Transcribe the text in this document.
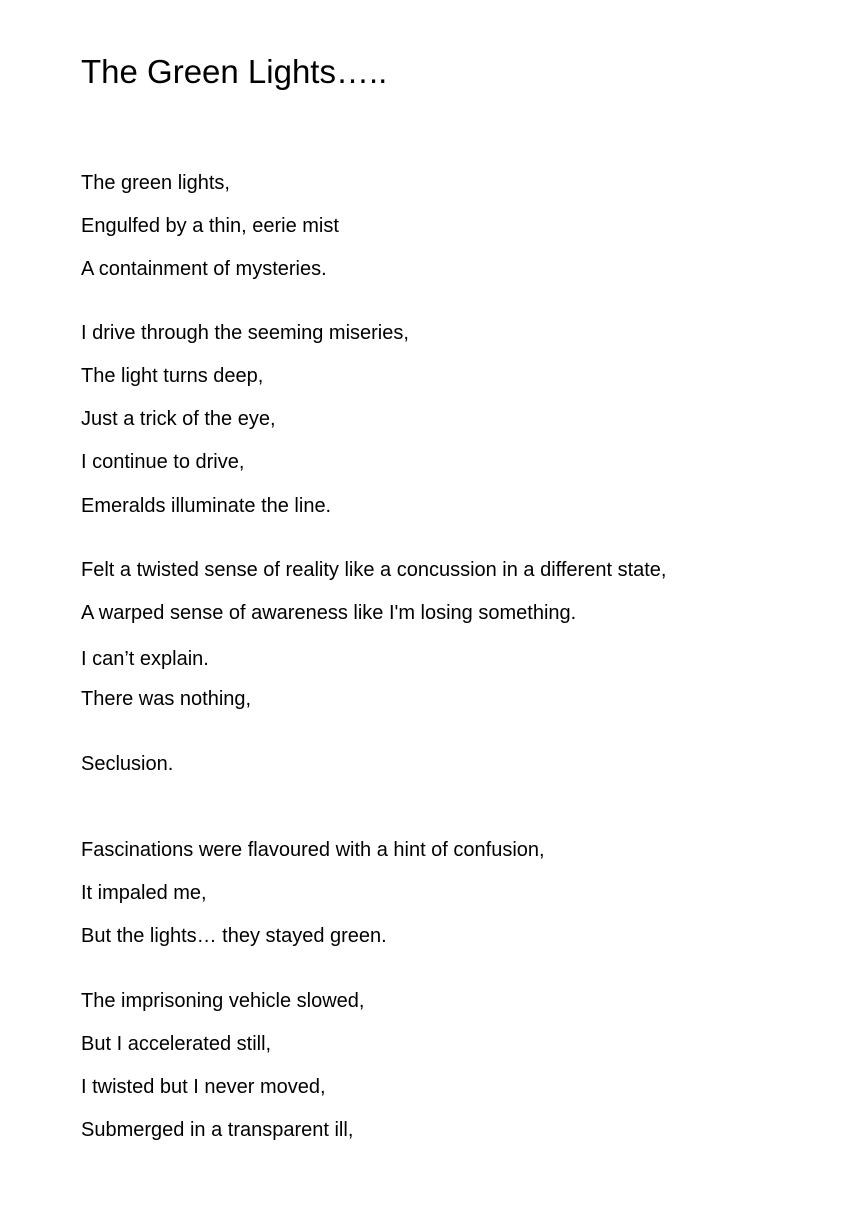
The Green Lights…..

The green lights,

Engulfed by a thin, eerie mist

A containment of mysteries.

I drive through the seeming miseries,

The light turns deep,

Just a trick of the eye,

I continue to drive,

Emeralds illuminate the line.

Felt a twisted sense of reality like a concussion in a different state,

A warped sense of awareness like I'm losing something.

I can’t explain.

There was nothing,

Seclusion.

Fascinations were flavoured with a hint of confusion,

It impaled me,

But the lights… they stayed green.

The imprisoning vehicle slowed,

But I accelerated still,

I twisted but I never moved,

Submerged in a transparent ill,
